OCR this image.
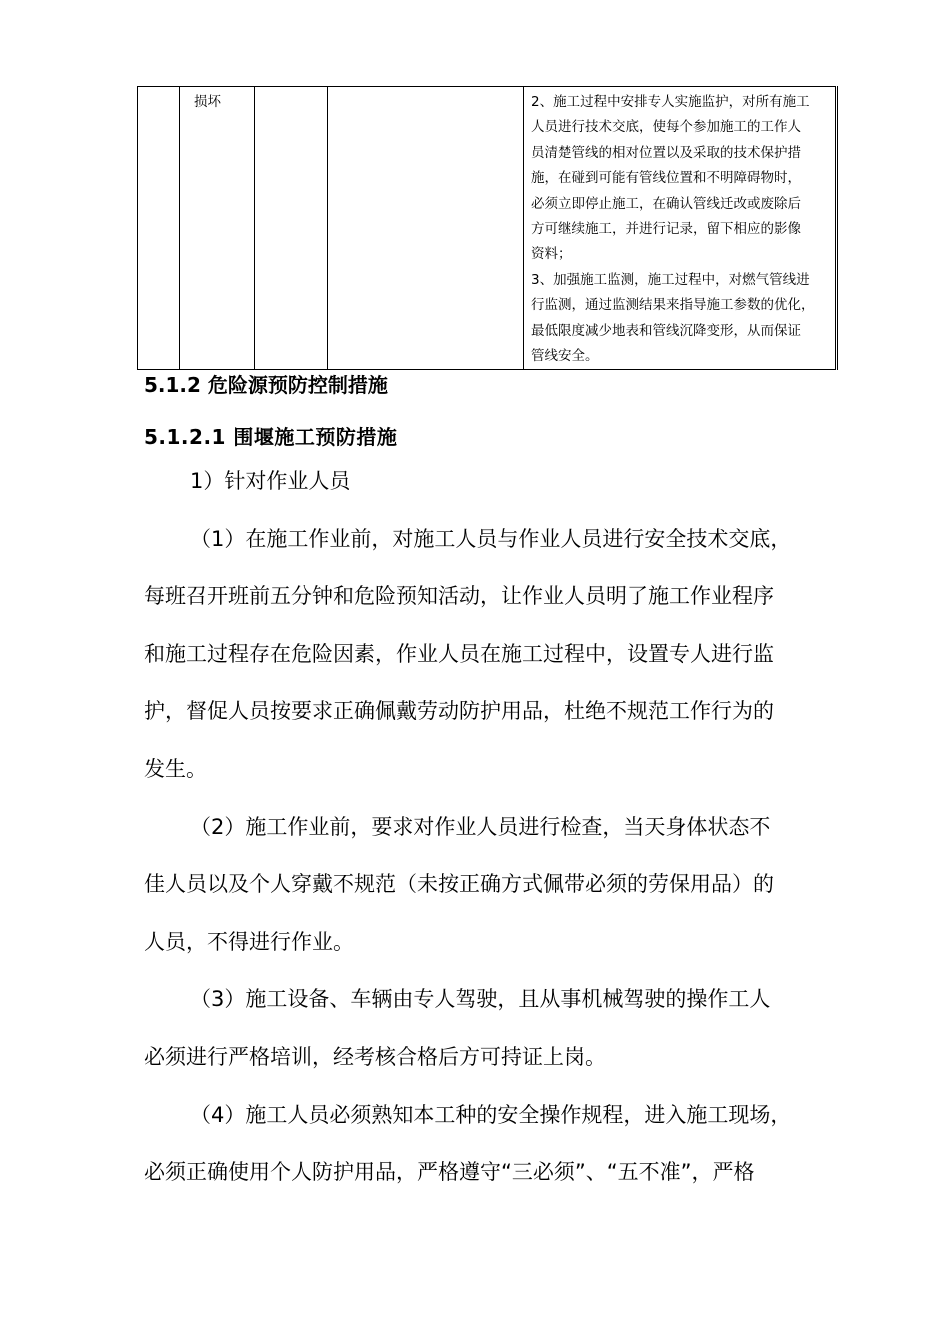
	损坏			2、施工过程中安排专人实施监护，对所有施工
人员进行技术交底，使每个参加施工的工作人
员清楚管线的相对位置以及采取的技术保护措
施，在碰到可能有管线位置和不明障碍物时，
必须立即停止施工，在确认管线迁改或废除后
方可继续施工，并进行记录，留下相应的影像
资料；
3、加强施工监测，施工过程中，对燃气管线进
行监测，通过监测结果来指导施工参数的优化，
最低限度减少地表和管线沉降变形，从而保证
管线安全。
5.1.2 危险源预防控制措施
5.1.2.1 围堰施工预防措施
1）针对作业人员
（1）在施工作业前，对施工人员与作业人员进行安全技术交底，
每班召开班前五分钟和危险预知活动，让作业人员明了施工作业程序
和施工过程存在危险因素，作业人员在施工过程中，设置专人进行监
护，督促人员按要求正确佩戴劳动防护用品，杜绝不规范工作行为的
发生。
（2）施工作业前，要求对作业人员进行检查，当天身体状态不
佳人员以及个人穿戴不规范（未按正确方式佩带必须的劳保用品）的
人员，不得进行作业。
（3）施工设备、车辆由专人驾驶，且从事机械驾驶的操作工人
必须进行严格培训，经考核合格后方可持证上岗。
（4）施工人员必须熟知本工种的安全操作规程，进入施工现场，
必须正确使用个人防护用品，严格遵守“三必须”、“五不准”，严格
